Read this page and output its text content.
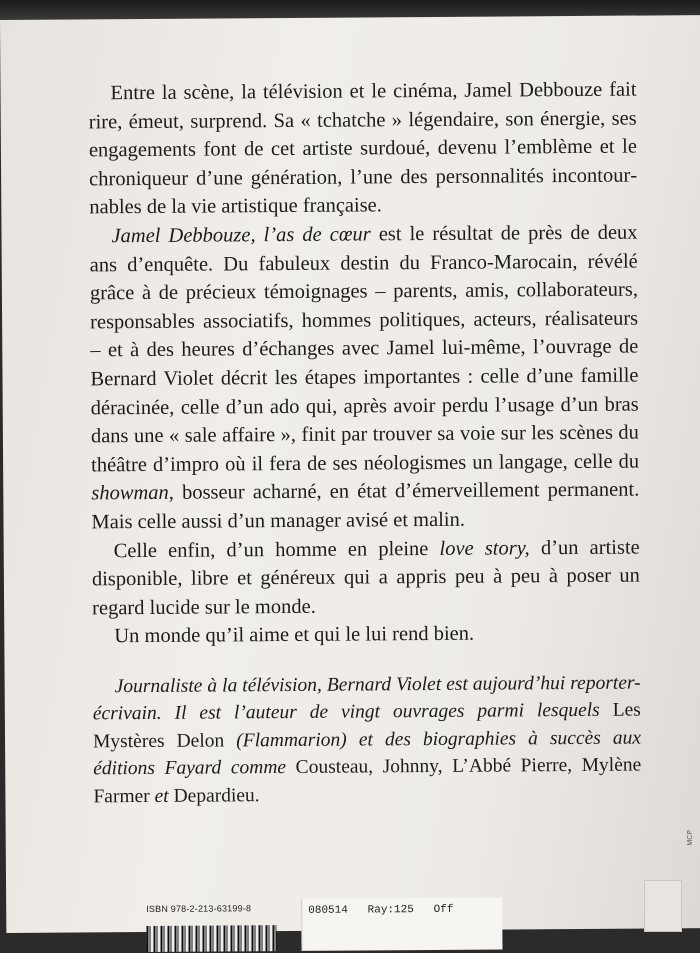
Entre la scène, la télévision et le cinéma, Jamel Debbouze fait rire, émeut, surprend. Sa « tchatche » légendaire, son énergie, ses engagements font de cet artiste surdoué, devenu l’emblème et le chroniqueur d’une génération, l’une des personnalités incontournables de la vie artistique française.

Jamel Debbouze, l’as de cœur est le résultat de près de deux ans d’enquête. Du fabuleux destin du Franco-Marocain, révélé grâce à de précieux témoignages – parents, amis, collaborateurs, responsables associatifs, hommes politiques, acteurs, réalisateurs – et à des heures d’échanges avec Jamel lui-même, l’ouvrage de Bernard Violet décrit les étapes importantes : celle d’une famille déracinée, celle d’un ado qui, après avoir perdu l’usage d’un bras dans une « sale affaire », finit par trouver sa voie sur les scènes du théâtre d’impro où il fera de ses néologismes un langage, celle du showman, bosseur acharné, en état d’émerveillement permanent. Mais celle aussi d’un manager avisé et malin.

Celle enfin, d’un homme en pleine love story, d’un artiste disponible, libre et généreux qui a appris peu à peu à poser un regard lucide sur le monde.

Un monde qu’il aime et qui le lui rend bien.

Journaliste à la télévision, Bernard Violet est aujourd’hui reporter-écrivain. Il est l’auteur de vingt ouvrages parmi lesquels Les Mystères Delon (Flammarion) et des biographies à succès aux éditions Fayard comme Cousteau, Johnny, L’Abbé Pierre, Mylène Farmer et Depardieu.

ISBN 978-2-213-63199-8	080514   Ray:125   Off
MCP
